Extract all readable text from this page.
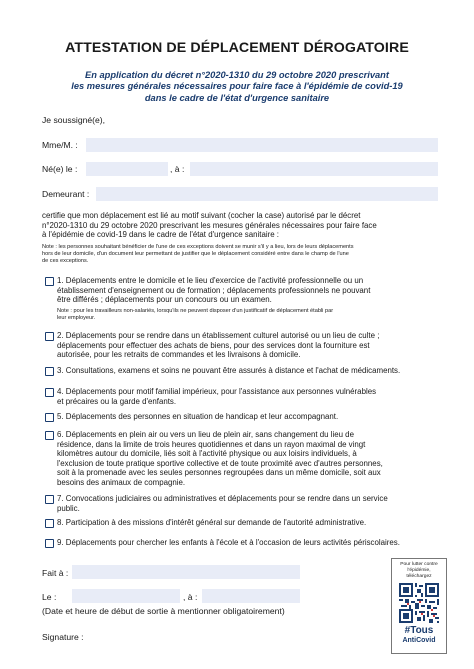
ATTESTATION DE DÉPLACEMENT DÉROGATOIRE
En application du décret n°2020-1310 du 29 octobre 2020 prescrivant
les mesures générales nécessaires pour faire face à l'épidémie de covid-19
dans le cadre de l'état d'urgence sanitaire
Je soussigné(e),
Mme/M. :
Né(e) le :	, à :
Demeurant :
certifie que mon déplacement est lié au motif suivant (cocher la case) autorisé par le décret
n°2020-1310 du 29 octobre 2020 prescrivant les mesures générales nécessaires pour faire face
à l'épidémie de covid-19 dans le cadre de l'état d'urgence sanitaire :
Note : les personnes souhaitant bénéficier de l'une de ces exceptions doivent se munir s'il y a lieu, lors de leurs déplacements
hors de leur domicile, d'un document leur permettant de justifier que le déplacement considéré entre dans le champ de l'une
de ces exceptions.
1. Déplacements entre le domicile et le lieu d'exercice de l'activité professionnelle ou un
établissement d'enseignement ou de formation ; déplacements professionnels ne pouvant
être différés ; déplacements pour un concours ou un examen.
Note : pour les travailleurs non-salariés, lorsqu'ils ne peuvent disposer d'un justificatif de déplacement établi par
leur employeur.
2. Déplacements pour se rendre dans un établissement culturel autorisé ou un lieu de culte ;
déplacements pour effectuer des achats de biens, pour des services dont la fourniture est
autorisée, pour les retraits de commandes et les livraisons à domicile.
3. Consultations, examens et soins ne pouvant être assurés à distance et l'achat de médicaments.
4. Déplacements pour motif familial impérieux, pour l'assistance aux personnes vulnérables
et précaires ou la garde d'enfants.
5. Déplacements des personnes en situation de handicap et leur accompagnant.
6. Déplacements en plein air ou vers un lieu de plein air, sans changement du lieu de
résidence, dans la limite de trois heures quotidiennes et dans un rayon maximal de vingt
kilomètres autour du domicile, liés soit à l'activité physique ou aux loisirs individuels, à
l'exclusion de toute pratique sportive collective et de toute proximité avec d'autres personnes,
soit à la promenade avec les seules personnes regroupées dans un même domicile, soit aux
besoins des animaux de compagnie.
7. Convocations judiciaires ou administratives et déplacements pour se rendre dans un service
public.
8. Participation à des missions d'intérêt général sur demande de l'autorité administrative.
9. Déplacements pour chercher les enfants à l'école et à l'occasion de leurs activités périscolaires.
Fait à :
Le :	, à :
(Date et heure de début de sortie à mentionner obligatoirement)
Signature :
Pour lutter contre
l'épidémie,
téléchargez
#Tous
AntiCovid
